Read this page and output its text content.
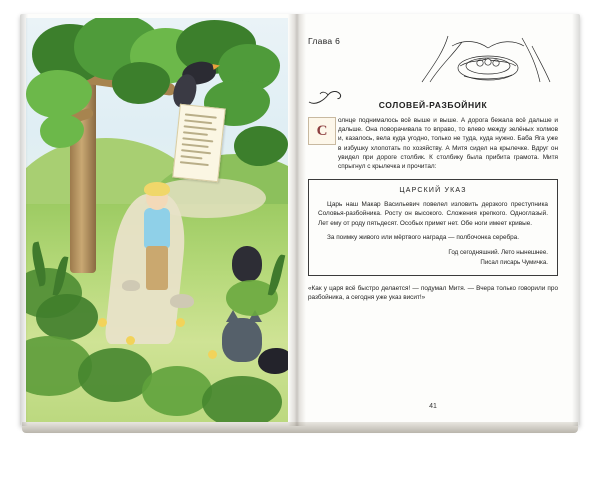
Глава 6
СОЛОВЕЙ-РАЗБОЙНИК
С

олнце поднималось всё выше и выше. А дорога бежала всё дальше и дальше. Она поворачивала то вправо, то влево между зелёных холмов и, казалось, вела куда угодно, только не туда, куда нужно. Баба Яга уже в избушку хлопотать по хозяйству. А Митя сидел на крылечке. Вдруг он увидел при дороге столбик. К столбику была прибита грамота. Митя спрыгнул с крылечка и прочитал:

ЦАРСКИЙ УКАЗ

Царь наш Макар Васильевич повелел изловить дерзкого преступника Соловья-разбойника. Росту он высокого. Сложения крепкого. Одноглазый. Лет ему от роду пятьдесят. Особых примет нет. Обе ноги имеет кривые.

За поимку живого или мёртвого награда — полбочонка серебра.

Год сегодняшний. Лето нынешнее.
Писал писарь Чумичка.

«Как у царя всё быстро делается! — подумал Митя. — Вчера только говорили про разбойника, а сегодня уже указ висит!»

41
